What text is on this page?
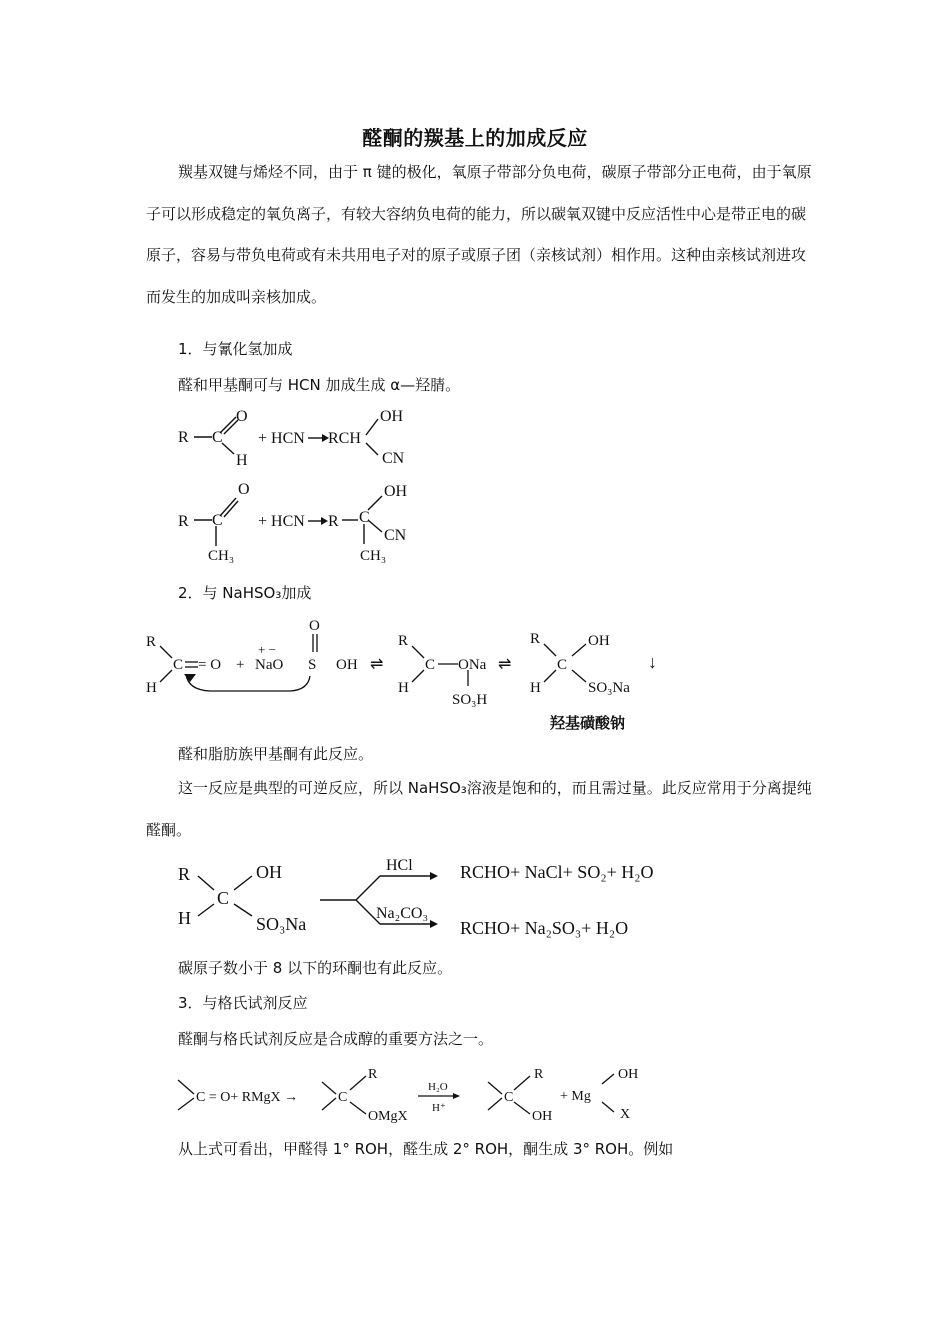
醛酮的羰基上的加成反应

羰基双键与烯烃不同，由于 π 键的极化，氧原子带部分负电荷，碳原子带部分正电荷，由于氧原子可以形成稳定的氧负离子，有较大容纳负电荷的能力，所以碳氧双键中反应活性中心是带正电的碳原子，容易与带负电荷或有未共用电子对的原子或原子团（亲核试剂）相作用。这种由亲核试剂进攻而发生的加成叫亲核加成。

1．与氰化氢加成
醛和甲基酮可与 HCN 加成生成 α—羟腈。
R C
O
H
+ HCN RCH
OH
CN
R C
O
CH₃
+ HCN R C
OH
CN
CH₃
2．与 NaHSO₃加成
R
H
C = O +
+ −
NaO S
O
OH ⇌
R
H
C ONa
SO₃H
⇌
R
H
C
OH
SO₃Na
↓
羟基磺酸钠
醛和脂肪族甲基酮有此反应。

这一反应是典型的可逆反应，所以 NaHSO₃溶液是饱和的，而且需过量。此反应常用于分离提纯醛酮。

R
H
C
OH
SO₃Na
HCl
Na₂CO₃
RCHO+ NaCl+ SO₂+ H₂O
RCHO+ Na₂SO₃+ H₂O
碳原子数小于 8 以下的环酮也有此反应。
3．与格氏试剂反应
醛酮与格氏试剂反应是合成醇的重要方法之一。
C = O+ RMgX →	C
R
OMgX
H₂O
H⁺
C
R
OH
+ Mg
OH
X
从上式可看出，甲醛得 1° ROH，醛生成 2° ROH，酮生成 3° ROH。例如
